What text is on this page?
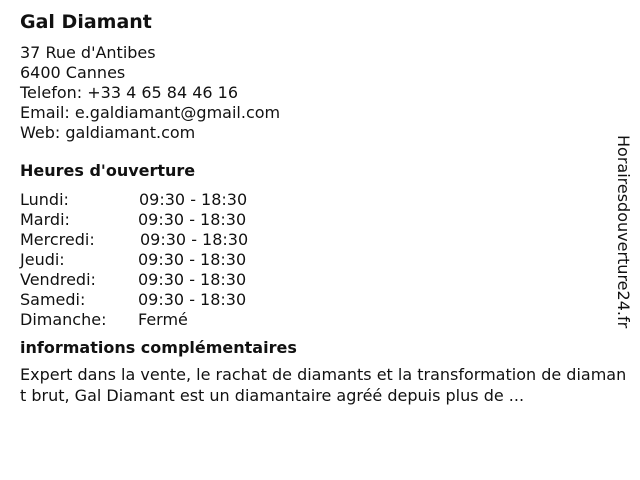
Gal Diamant
37 Rue d'Antibes
6400 Cannes
Telefon: +33 4 65 84 46 16
Email: e.galdiamant@gmail.com
Web: galdiamant.com
Heures d'ouverture
Lundi:	09:30 - 18:30
Mardi:	09:30 - 18:30
Mercredi:	09:30 - 18:30
Jeudi:	09:30 - 18:30
Vendredi:	09:30 - 18:30
Samedi:	09:30 - 18:30
Dimanche: Fermé
informations complémentaires
Expert dans la vente, le rachat de diamants et la transformation de diamant brut, Gal Diamant est un diamantaire agréé depuis plus de ...
Horairesdouverture24.fr
